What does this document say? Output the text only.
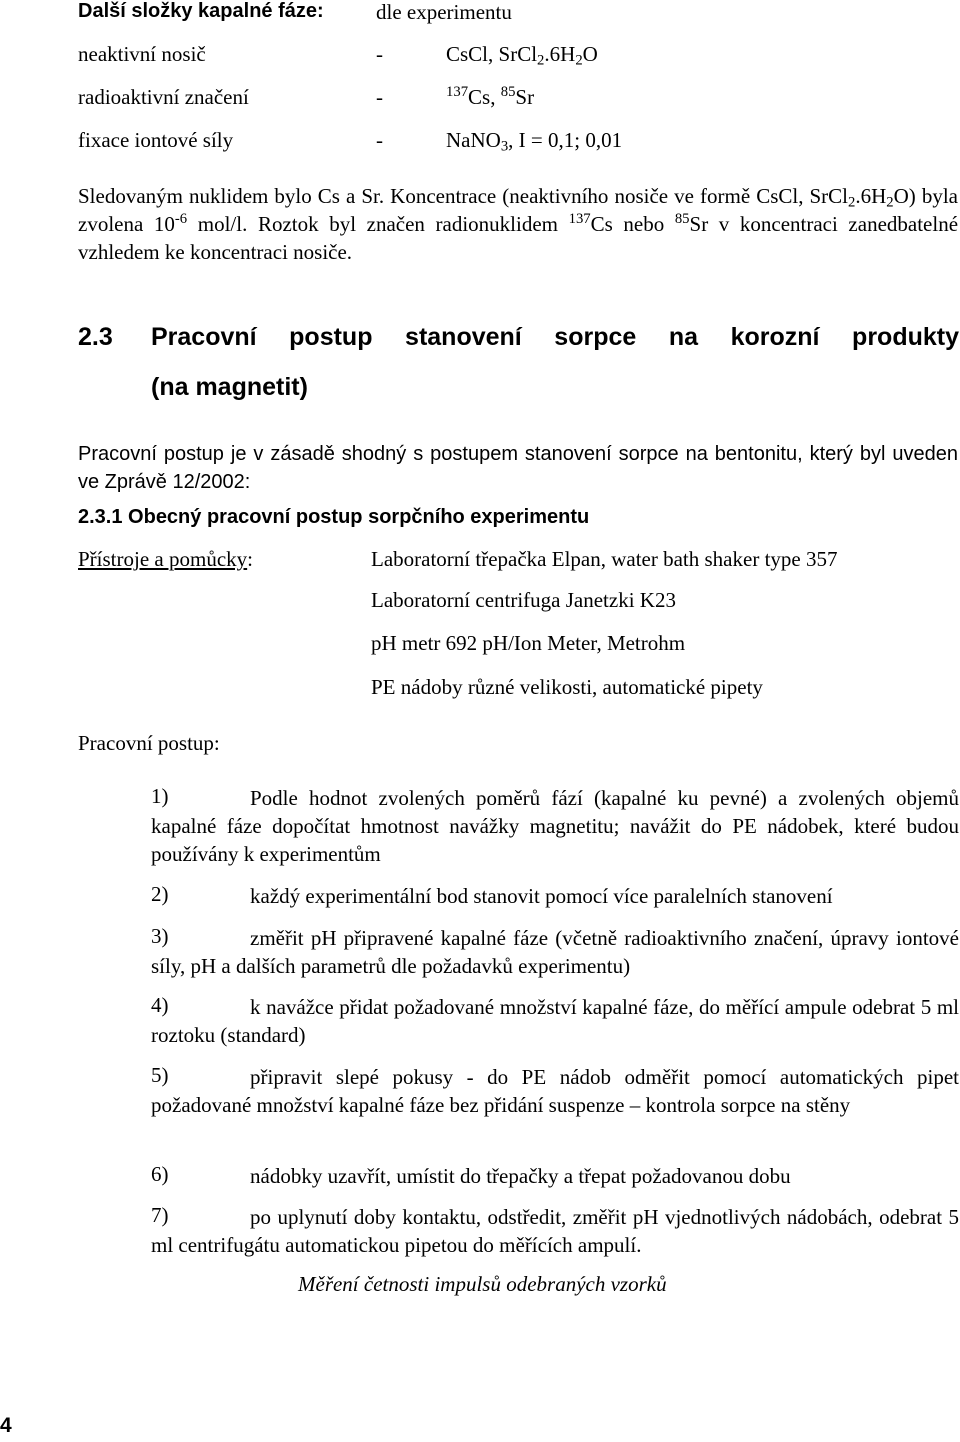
Další složky kapalné fáze: dle experimentu
neaktivní nosič	-	CsCl, $SrCl_2.6H_2O$
radioaktivní značení	-	$^{137}$Cs, $^{85}$Sr
fixace iontové síly	-	NaNO$_3$, I = 0,1; 0,01
Sledovaným nuklidem bylo Cs a Sr. Koncentrace (neaktivního nosiče ve formě CsCl, $SrCl_2.6H_2O$) byla zvolena $10^{-6}$ mol/l. Roztok byl značen radionuklidem $^{137}$Cs nebo $^{85}$Sr v koncentraci zanedbatelné vzhledem ke koncentraci nosiče.
2.3 Pracovní postup stanovení sorpce na korozní produkty
(na magnetit)
Pracovní postup je v zásadě shodný s postupem stanovení sorpce na bentonitu, který byl uveden ve Zprávě 12/2002:
2.3.1 Obecný pracovní postup sorpčního experimentu
Přístroje a pomůcky:	Laboratorní třepačka Elpan, water bath shaker type 357
Laboratorní centrifuga Janetzki K23
pH metr 692 pH/Ion Meter, Metrohm
PE nádoby různé velikosti, automatické pipety
Pracovní postup:
1)	Podle hodnot zvolených poměrů fází (kapalné ku pevné) a zvolených objemů kapalné fáze dopočítat hmotnost navážky magnetitu; navážit do PE nádobek, které budou používány k experimentům
2)	každý experimentální bod stanovit pomocí více paralelních stanovení
3)	změřit pH připravené kapalné fáze (včetně radioaktivního značení, úpravy iontové síly, pH a dalších parametrů dle požadavků experimentu)
4)	k navážce přidat požadované množství kapalné fáze, do měřící ampule odebrat 5 ml roztoku (standard)
5)	připravit slepé pokusy - do PE nádob odměřit pomocí automatických pipet požadované množství kapalné fáze bez přidání suspenze – kontrola sorpce na stěny
6)	nádobky uzavřít, umístit do třepačky a třepat požadovanou dobu
7)	po uplynutí doby kontaktu, odstředit, změřit pH vjednotlivých nádobách, odebrat 5 ml centrifugátu automatickou pipetou do měřících ampulí.
Měření četnosti impulsů odebraných vzorků
4
